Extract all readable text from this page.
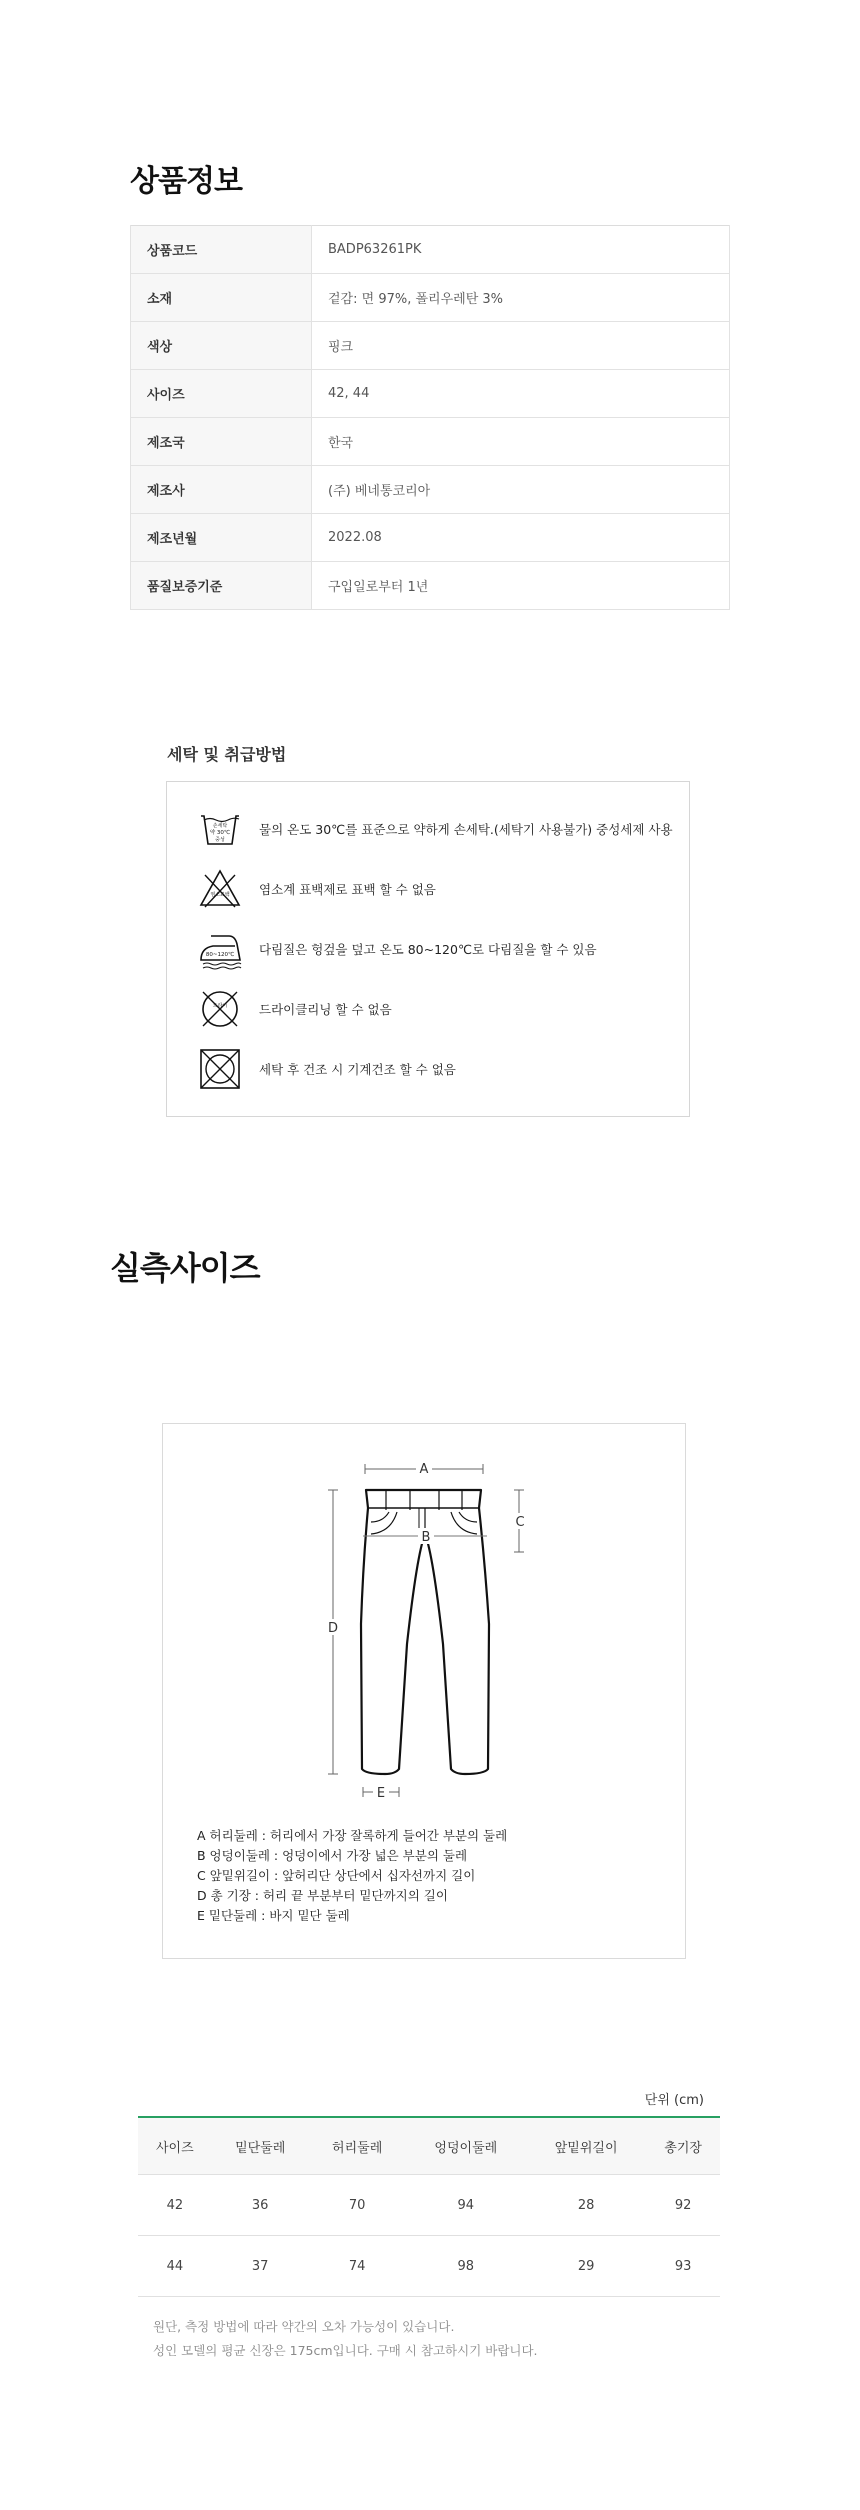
상품정보
상품코드	BADP63261PK
소재	겉감: 면 97%, 폴리우레탄 3%
색상	핑크
사이즈	42, 44
제조국	한국
제조사	(주) 베네통코리아
제조년월	2022.08
품질보증기준	구입일로부터 1년
세탁 및 취급방법
손세탁
약 30℃
중성
물의 온도 30℃를 표준으로 약하게 손세탁.(세탁기 사용불가) 중성세제 사용
염소표백 염소계 표백제로 표백 할 수 없음
80~120℃ 다림질은 헝겊을 덮고 온도 80~120℃로 다림질을 할 수 있음
드라이	드라이클리닝 할 수 없음
세탁 후 건조 시 기계건조 할 수 없음
실측사이즈
A
B
C
D
E
A 허리둘레 : 허리에서 가장 잘록하게 들어간 부분의 둘레
B 엉덩이둘레 : 엉덩이에서 가장 넓은 부분의 둘레
C 앞밑위길이 : 앞허리단 상단에서 십자선까지 길이
D 총 기장 : 허리 끝 부분부터 밑단까지의 길이
E 밑단둘레 : 바지 밑단 둘레
단위 (cm)
사이즈	밑단둘레	허리둘레	엉덩이둘레	앞밑위길이	총기장
42	36	70	94	28	92
44	37	74	98	29	93
원단, 측정 방법에 따라 약간의 오차 가능성이 있습니다.
성인 모델의 평균 신장은 175cm입니다. 구매 시 참고하시기 바랍니다.
